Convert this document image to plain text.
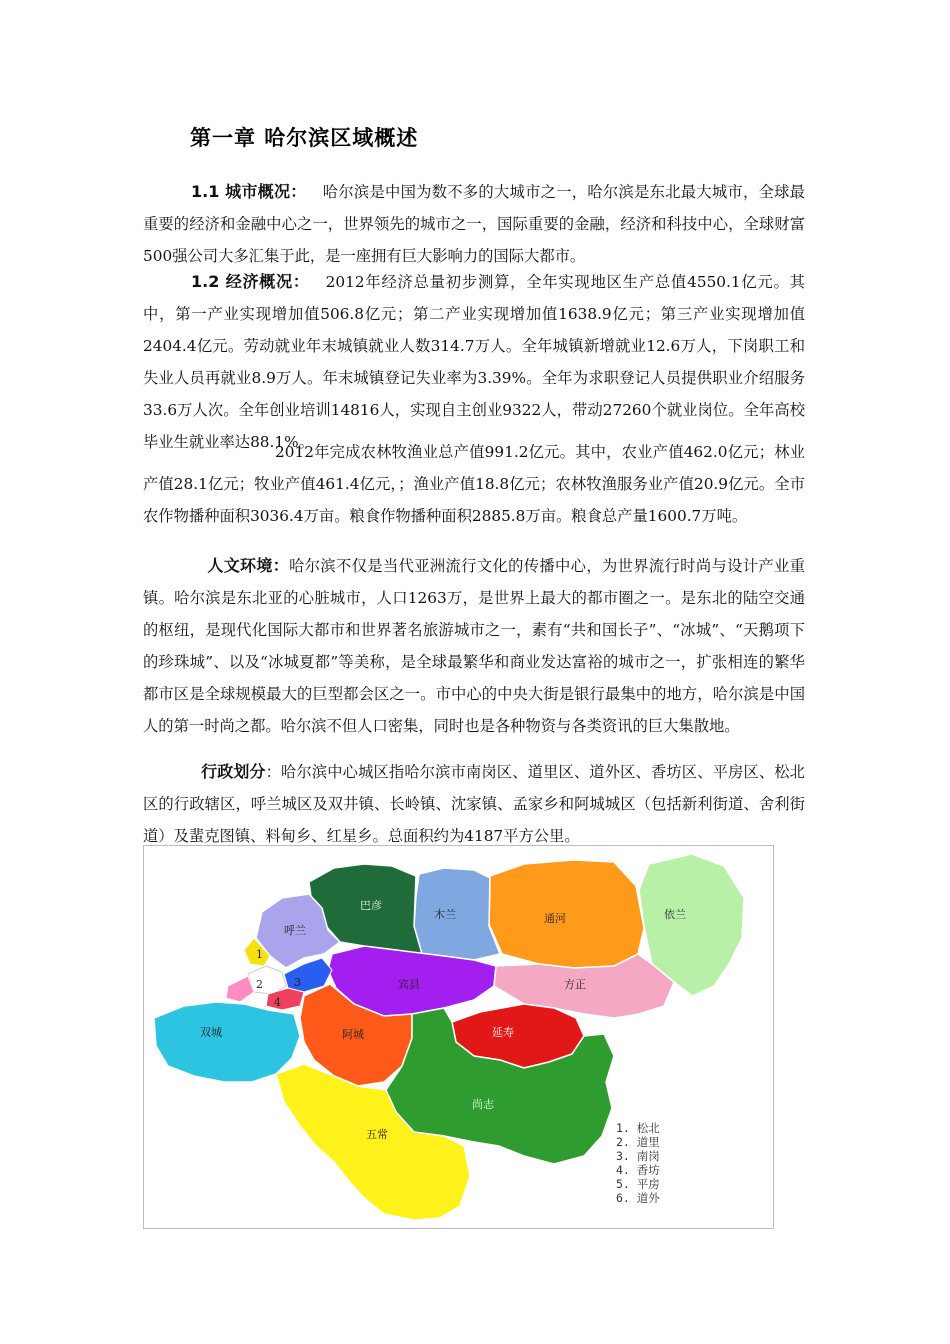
第一章 哈尔滨区域概述

1.1 城市概况： 哈尔滨是中国为数不多的大城市之一，哈尔滨是东北最大城市，全球最重要的经济和金融中心之一，世界领先的城市之一，国际重要的金融，经济和科技中心，全球财富500强公司大多汇集于此，是一座拥有巨大影响力的国际大都市。

1.2 经济概况： 2012年经济总量初步测算，全年实现地区生产总值4550.1亿元。其中，第一产业实现增加值506.8亿元；第二产业实现增加值1638.9亿元；第三产业实现增加值2404.4亿元。劳动就业年末城镇就业人数314.7万人。全年城镇新增就业12.6万人，下岗职工和失业人员再就业8.9万人。年末城镇登记失业率为3.39%。全年为求职登记人员提供职业介绍服务33.6万人次。全年创业培训14816人，实现自主创业9322人，带动27260个就业岗位。全年高校毕业生就业率达88.1%。

2012年完成农林牧渔业总产值991.2亿元。其中，农业产值462.0亿元；林业产值28.1亿元；牧业产值461.4亿元，；渔业产值18.8亿元；农林牧渔服务业产值20.9亿元。全市农作物播种面积3036.4万亩。粮食作物播种面积2885.8万亩。粮食总产量1600.7万吨。

人文环境：哈尔滨不仅是当代亚洲流行文化的传播中心，为世界流行时尚与设计产业重镇。哈尔滨是东北亚的心脏城市，人口1263万，是世界上最大的都市圈之一。是东北的陆空交通的枢纽，是现代化国际大都市和世界著名旅游城市之一，素有“共和国长子”、“冰城”、“天鹅项下的珍珠城”、以及“冰城夏都”等美称，是全球最繁华和商业发达富裕的城市之一，扩张相连的繁华都市区是全球规模最大的巨型都会区之一。市中心的中央大街是银行最集中的地方，哈尔滨是中国人的第一时尚之都。哈尔滨不但人口密集，同时也是各种物资与各类资讯的巨大集散地。

行政划分：哈尔滨中心城区指哈尔滨市南岗区、道里区、道外区、香坊区、平房区、松北区的行政辖区，呼兰城区及双井镇、长岭镇、沈家镇、孟家乡和阿城城区（包括新利街道、舍利街道）及蜚克图镇、料甸乡、红星乡。总面积约为4187平方公里。

巴彦
木兰	通河	依兰
呼兰
宾县	方正
阿城	延寿
双城
尚志
五常
1
2
4
3
1. 松北
2. 道里
3. 南岗
4. 香坊
5. 平房
6. 道外
